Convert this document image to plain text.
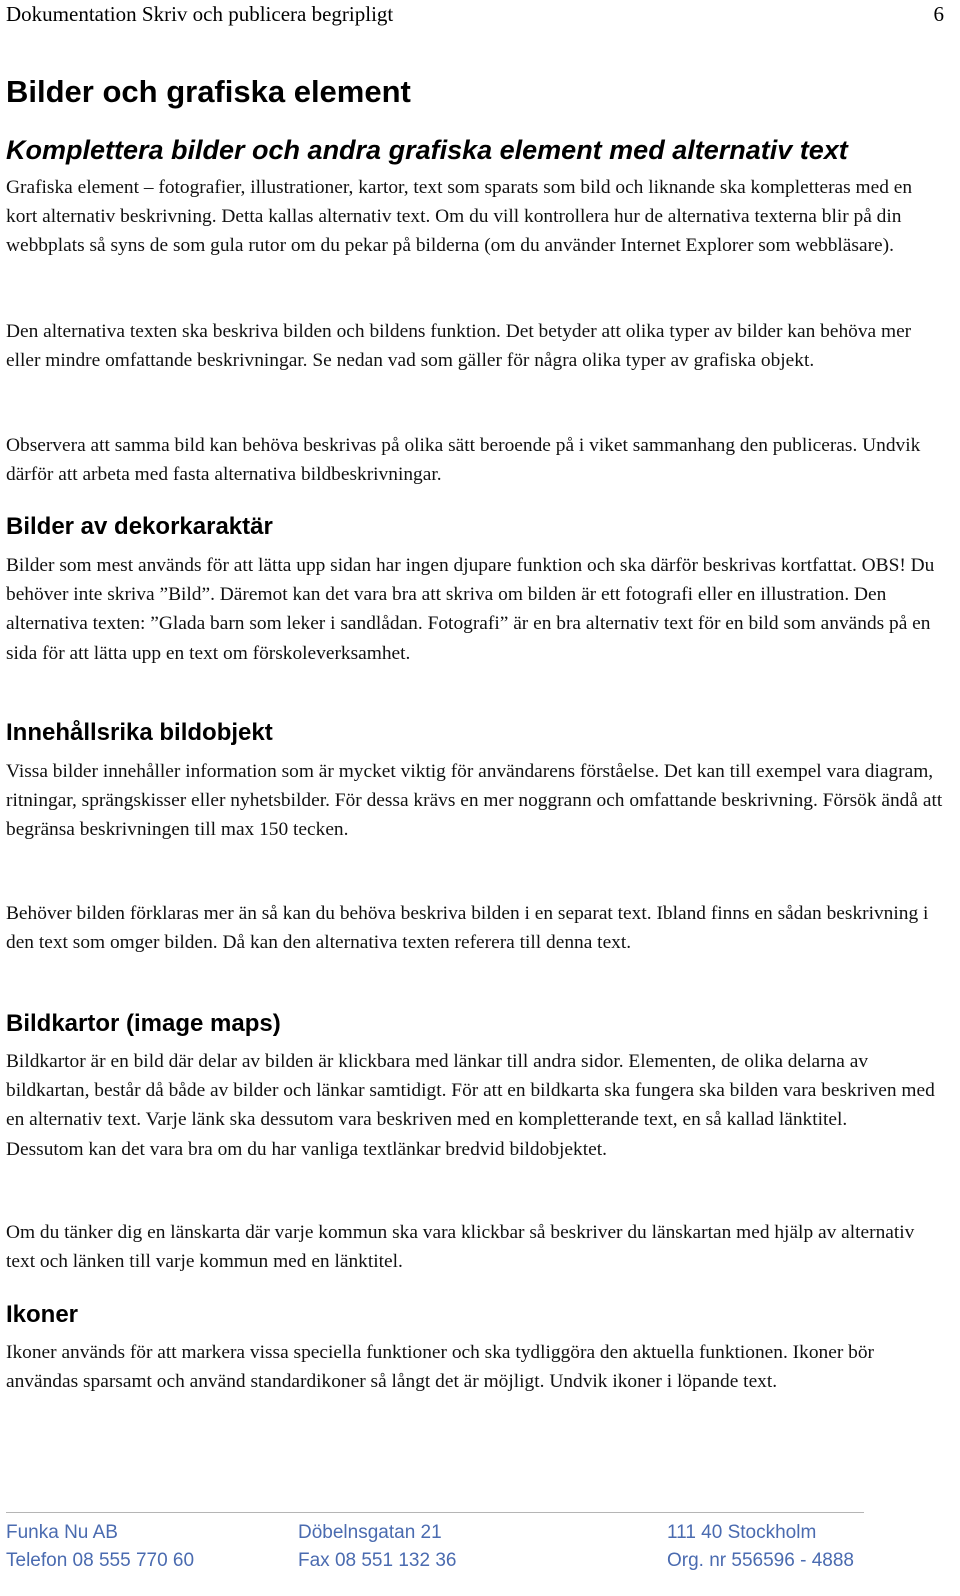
Dokumentation Skriv och publicera begripligt	6
Bilder och grafiska element
Komplettera bilder och andra grafiska element med alternativ text

Grafiska element – fotografier, illustrationer, kartor, text som sparats som bild och liknande ska kompletteras med en kort alternativ beskrivning. Detta kallas alternativ text. Om du vill kontrollera hur de alternativa texterna blir på din webbplats så syns de som gula rutor om du pekar på bilderna (om du använder Internet Explorer som webbläsare).

Den alternativa texten ska beskriva bilden och bildens funktion. Det betyder att olika typer av bilder kan behöva mer eller mindre omfattande beskrivningar. Se nedan vad som gäller för några olika typer av grafiska objekt.

Observera att samma bild kan behöva beskrivas på olika sätt beroende på i viket sammanhang den publiceras. Undvik därför att arbeta med fasta alternativa bildbeskrivningar.

Bilder av dekorkaraktär

Bilder som mest används för att lätta upp sidan har ingen djupare funktion och ska därför beskrivas kortfattat. OBS! Du behöver inte skriva ”Bild”. Däremot kan det vara bra att skriva om bilden är ett fotografi eller en illustration. Den alternativa texten: ”Glada barn som leker i sandlådan. Fotografi” är en bra alternativ text för en bild som används på en sida för att lätta upp en text om förskoleverksamhet.

Innehållsrika bildobjekt

Vissa bilder innehåller information som är mycket viktig för användarens förståelse. Det kan till exempel vara diagram, ritningar, sprängskisser eller nyhetsbilder. För dessa krävs en mer noggrann och omfattande beskrivning. Försök ändå att begränsa beskrivningen till max 150 tecken.

Behöver bilden förklaras mer än så kan du behöva beskriva bilden i en separat text. Ibland finns en sådan beskrivning i den text som omger bilden. Då kan den alternativa texten referera till denna text.

Bildkartor (image maps)

Bildkartor är en bild där delar av bilden är klickbara med länkar till andra sidor. Elementen, de olika delarna av bildkartan, består då både av bilder och länkar samtidigt. För att en bildkarta ska fungera ska bilden vara beskriven med en alternativ text. Varje länk ska dessutom vara beskriven med en kompletterande text, en så kallad länktitel.

Dessutom kan det vara bra om du har vanliga textlänkar bredvid bildobjektet.

Om du tänker dig en länskarta där varje kommun ska vara klickbar så beskriver du länskartan med hjälp av alternativ text och länken till varje kommun med en länktitel.

Ikoner

Ikoner används för att markera vissa speciella funktioner och ska tydliggöra den aktuella funktionen. Ikoner bör användas sparsamt och använd standardikoner så långt det är möjligt. Undvik ikoner i löpande text.

Funka Nu AB	Döbelnsgatan 21	111 40 Stockholm
Telefon 08 555 770 60	Fax 08 551 132 36	Org. nr 556596 - 4888
